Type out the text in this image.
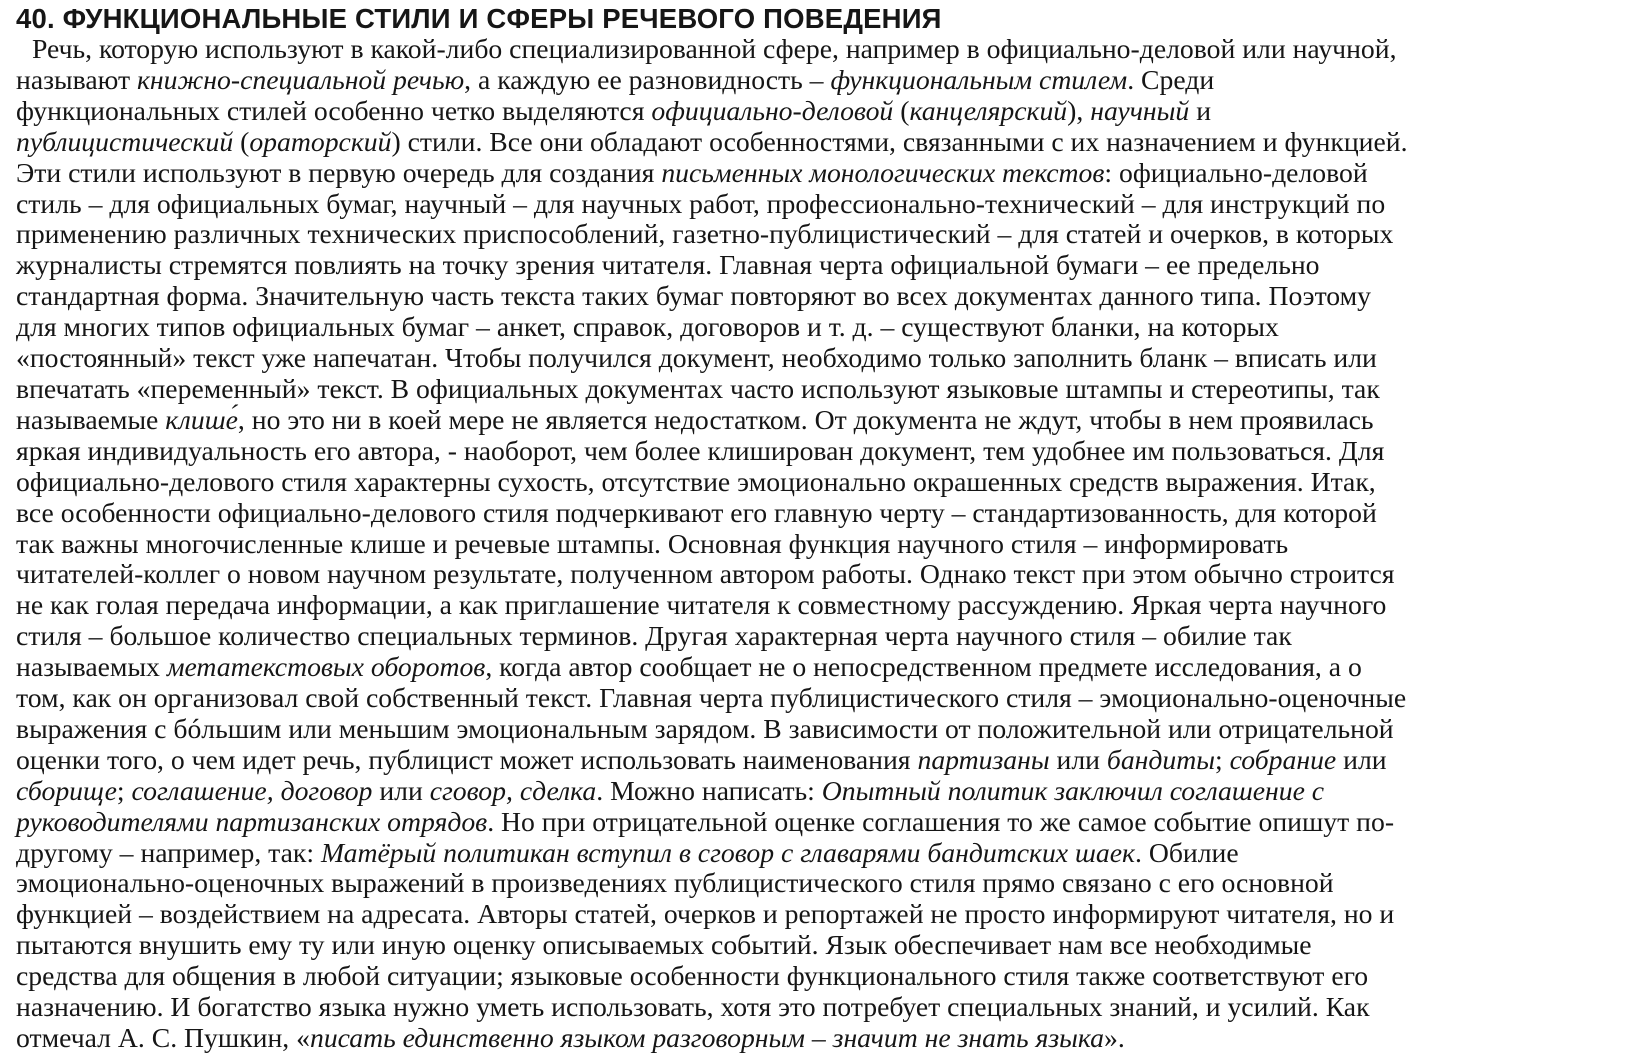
40. ФУНКЦИОНАЛЬНЫЕ СТИЛИ И СФЕРЫ РЕЧЕВОГО ПОВЕДЕНИЯ
Речь, которую используют в какой-либо специализированной сфере, например в официально-деловой или научной,
называют книжно-специальной речью, а каждую ее разновидность – функциональным стилем. Среди
функциональных стилей особенно четко выделяются официально-деловой (канцелярский), научный и
публицистический (ораторский) стили. Все они обладают особенностями, связанными с их назначением и функцией.
Эти стили используют в первую очередь для создания письменных монологических текстов: официально-деловой
стиль – для официальных бумаг, научный – для научных работ, профессионально-технический – для инструкций по
применению различных технических приспособлений, газетно-публицистический – для статей и очерков, в которых
журналисты стремятся повлиять на точку зрения читателя. Главная черта официальной бумаги – ее предельно
стандартная форма. Значительную часть текста таких бумаг повторяют во всех документах данного типа. Поэтому
для многих типов официальных бумаг – анкет, справок, договоров и т. д. – существуют бланки, на которых
«постоянный» текст уже напечатан. Чтобы получился документ, необходимо только заполнить бланк – вписать или
впечатать «переменный» текст. В официальных документах часто используют языковые штампы и стереотипы, так
называемые клише́, но это ни в коей мере не является недостатком. От документа не ждут, чтобы в нем проявилась
яркая индивидуальность его автора, - наоборот, чем более клиширован документ, тем удобнее им пользоваться. Для
официально-делового стиля характерны сухость, отсутствие эмоционально окрашенных средств выражения. Итак,
все особенности официально-делового стиля подчеркивают его главную черту – стандартизованность, для которой
так важны многочисленные клише и речевые штампы. Основная функция научного стиля – информировать
читателей-коллег о новом научном результате, полученном автором работы. Однако текст при этом обычно строится
не как голая передача информации, а как приглашение читателя к совместному рассуждению. Яркая черта научного
стиля – большое количество специальных терминов. Другая характерная черта научного стиля – обилие так
называемых метатекстовых оборотов, когда автор сообщает не о непосредственном предмете исследования, а о
том, как он организовал свой собственный текст. Главная черта публицистического стиля – эмоционально-оценочные
выражения с бóльшим или меньшим эмоциональным зарядом. В зависимости от положительной или отрицательной
оценки того, о чем идет речь, публицист может использовать наименования партизаны или бандиты; собрание или
сборище; соглашение, договор или сговор, сделка. Можно написать: Опытный политик заключил соглашение с
руководителями партизанских отрядов. Но при отрицательной оценке соглашения то же самое событие опишут по-
другому – например, так: Матёрый политикан вступил в сговор с главарями бандитских шаек. Обилие
эмоционально-оценочных выражений в произведениях публицистического стиля прямо связано с его основной
функцией – воздействием на адресата. Авторы статей, очерков и репортажей не просто информируют читателя, но и
пытаются внушить ему ту или иную оценку описываемых событий. Язык обеспечивает нам все необходимые
средства для общения в любой ситуации; языковые особенности функционального стиля также соответствуют его
назначению. И богатство языка нужно уметь использовать, хотя это потребует специальных знаний, и усилий. Как
отмечал А. С. Пушкин, «писать единственно языком разговорным – значит не знать языка».
